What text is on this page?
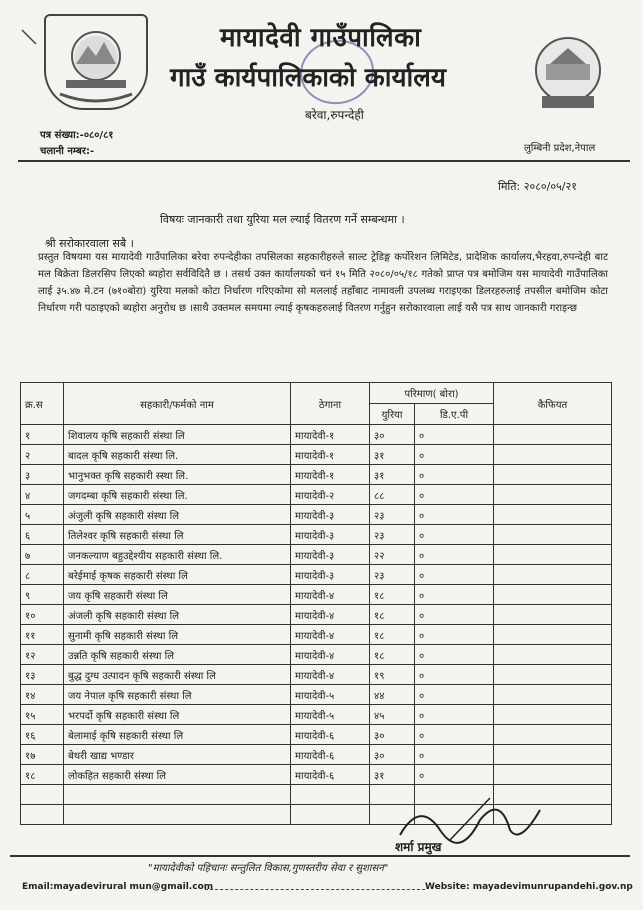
मायादेवी गाउँपालिका
गाउँ कार्यपालिकाको कार्यालय
बरेवा,रुपन्देही
लुम्बिनी प्रदेश,नेपाल
पत्र संख्या:-०८०/८१
चलानी नम्बर:-
मिति: २०८०/०५/२१
विषयः जानकारी तथा युरिया मल ल्याई वितरण गर्ने सम्बन्धमा ।
श्री सरोकारवाला सबै ।
प्रस्तुत विषयमा यस मायादेवी गाउँपालिका बरेवा रुपन्देहीका तपसिलका सहकारीहरुले साल्ट ट्रेडिङ्ग कर्पोरेशन लिमिटेड, प्रादेशिक कार्यालय,भैरहवा,रुपन्देही बाट मल बिक्रेता डिलरसिप लिएको ब्यहोरा सर्वविदितै छ । तसर्थ उक्त कार्यालयको चनं १५ मिति २०८०/०५/१८ गतेको प्राप्त पत्र बमोजिम यस मायादेवी गाउँपालिका लाई ३५.४७ मे.टन (७१०बोरा) युरिया मलको कोटा निर्धारण गरिएकोमा सो मललाई तहाँबाट नामावली उपलब्ध गराइएका डिलरहरुलाई तपसील बमोजिम कोटा निर्धारण गरी पठाइएको ब्यहोरा अनुरोध छ ।साथै उक्तमल समयमा ल्याई कृषकहरुलाई वितरण गर्नुहुन सरोकारवाला लाई यसै पत्र साथ जानकारी गराइन्छ
क्र.स	सहकारी/फर्मको नाम	ठेगाना	परिमाण( बोरा)		कैफियत
			युरिया	डि.ए.पी	
१	शिवालय कृषि सहकारी संस्था लि	मायादेवी-१	३०	०	
२	बादल कृषि सहकारी संस्था लि.	मायादेवी-१	३१	०	
३	भानुभक्त कृषि सहकारी स्स्था लि.	मायादेवी-१	३१	०	
४	जगदम्बा कृषि सहकारी संस्था लि.	मायादेवी-२	८८	०	
५	अंजुली कृषि सहकारी संस्था लि	मायादेवी-३	२३	०	
६	तिलेश्वर कृषि सहकारी संस्था लि	मायादेवी-३	२३	०	
७	जनकल्याण बहुउद्देश्यीय सहकारी संस्था लि.	मायादेवी-३	२२	०	
८	बरेईमाई कृषक सहकारी संस्था लि	मायादेवी-३	२३	०	
९	जय कृषि सहकारी संस्था लि	मायादेवी-४	१८	०	
१०	अंजली कृषि सहकारी संस्था लि	मायादेवी-४	१८	०	
११	सुनामी कृषि सहकारी संस्था लि	मायादेवी-४	१८	०	
१२	उन्नति कृषि सहकारी संस्था लि	मायादेवी-४	१८	०	
१३	बुद्ध दुग्ध उत्पादन कृषि सहकारी संस्था लि	मायादेवी-४	१९	०	
१४	जय नेपाल कृषि सहकारी संस्था लि	मायादेवी-५	४४	०	
१५	भरपर्दो कृषि सहकारी संस्था लि	मायादेवी-५	४५	०	
१६	बेलामाई कृषि सहकारी संस्था लि	मायादेवी-६	३०	०	
१७	बेथरी खाद्य भण्डार	मायादेवी-६	३०	०	
१८	लोकहित सहकारी संस्था लि	मायादेवी-६	३१	०	

शर्मा प्रमुख
"मायादेवीको पहिचानः सन्तुलित विकास,गुणस्तरीय सेवा र सुशासन"
Email:mayadevirural mun@gmail.com	Website: mayadevimunrupandehi.gov.np
